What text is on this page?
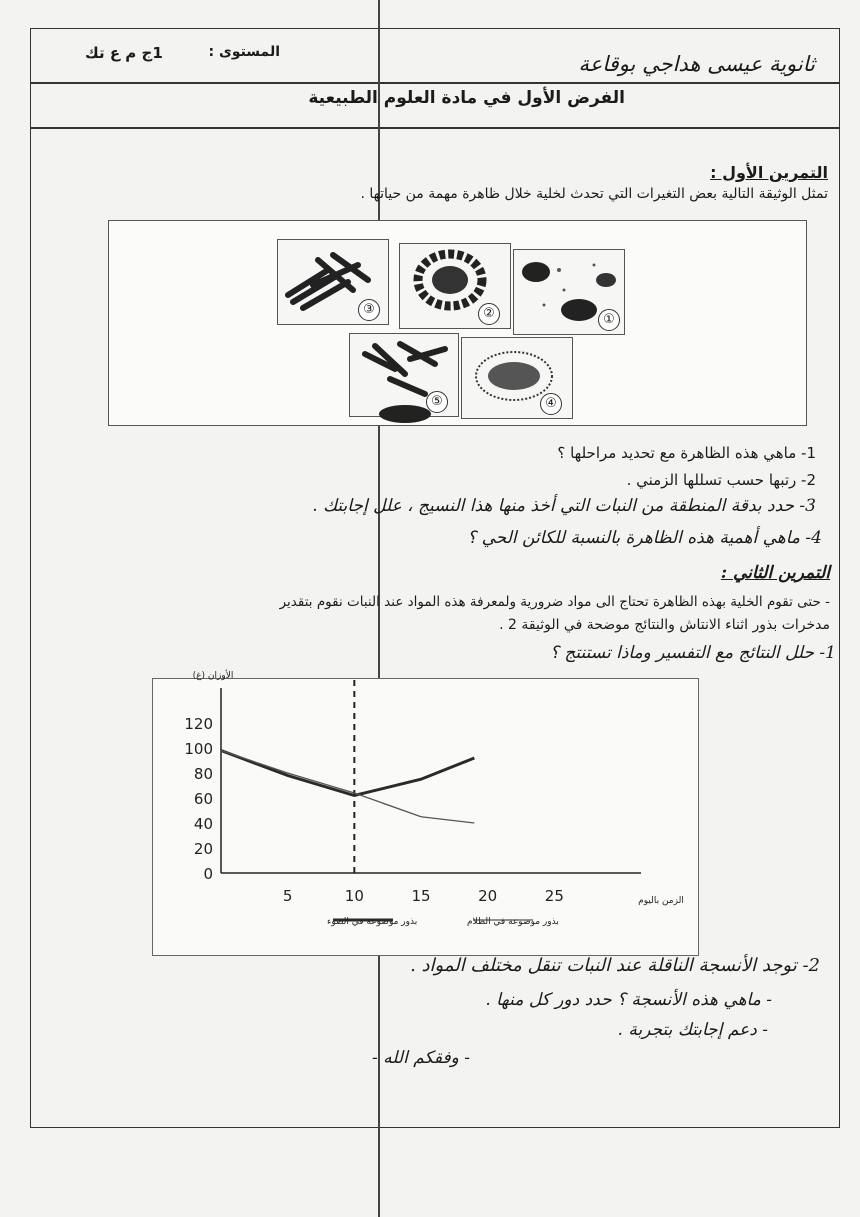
ثانوية عيسى هداجي بوقاعة
المستوى :
1ج م ع تك
الفرض الأول في مادة العلوم الطبيعية
التمرين الأول :
تمثل الوثيقة التالية بعض التغيرات التي تحدث لخلية خلال ظاهرة مهمة من حياتها .
①
②
③
④
⑤
1- ماهي هذه الظاهرة مع تحديد مراحلها ؟
2- رتبها حسب تسللها الزمني .
3- حدد بدقة المنطقة من النبات التي أخذ منها هذا النسيج ، علل إجابتك .
4- ماهي أهمية هذه الظاهرة بالنسبة للكائن الحي ؟
التمرين الثاني :
- حتى تقوم الخلية بهذه الظاهرة تحتاج الى مواد ضرورية ولمعرفة هذه المواد عند النبات نقوم بتقدير
مدخرات بذور اثناء الانتاش والنتائج موضحة في الوثيقة 2 .
1- حلل النتائج مع التفسير وماذا تستنتج ؟
0
20
40
60
80
100
120
5	10	15	20	25
الأوزان (غ)
الزمن باليوم
بذور موضوعة في الضوء	بذور موضوعة في الظلام
2- توجد الأنسجة الناقلة عند النبات تنقل مختلف المواد .
- ماهي هذه الأنسجة ؟ حدد دور كل منها .
- دعم إجابتك بتجربة .
- وفقكم الله -
